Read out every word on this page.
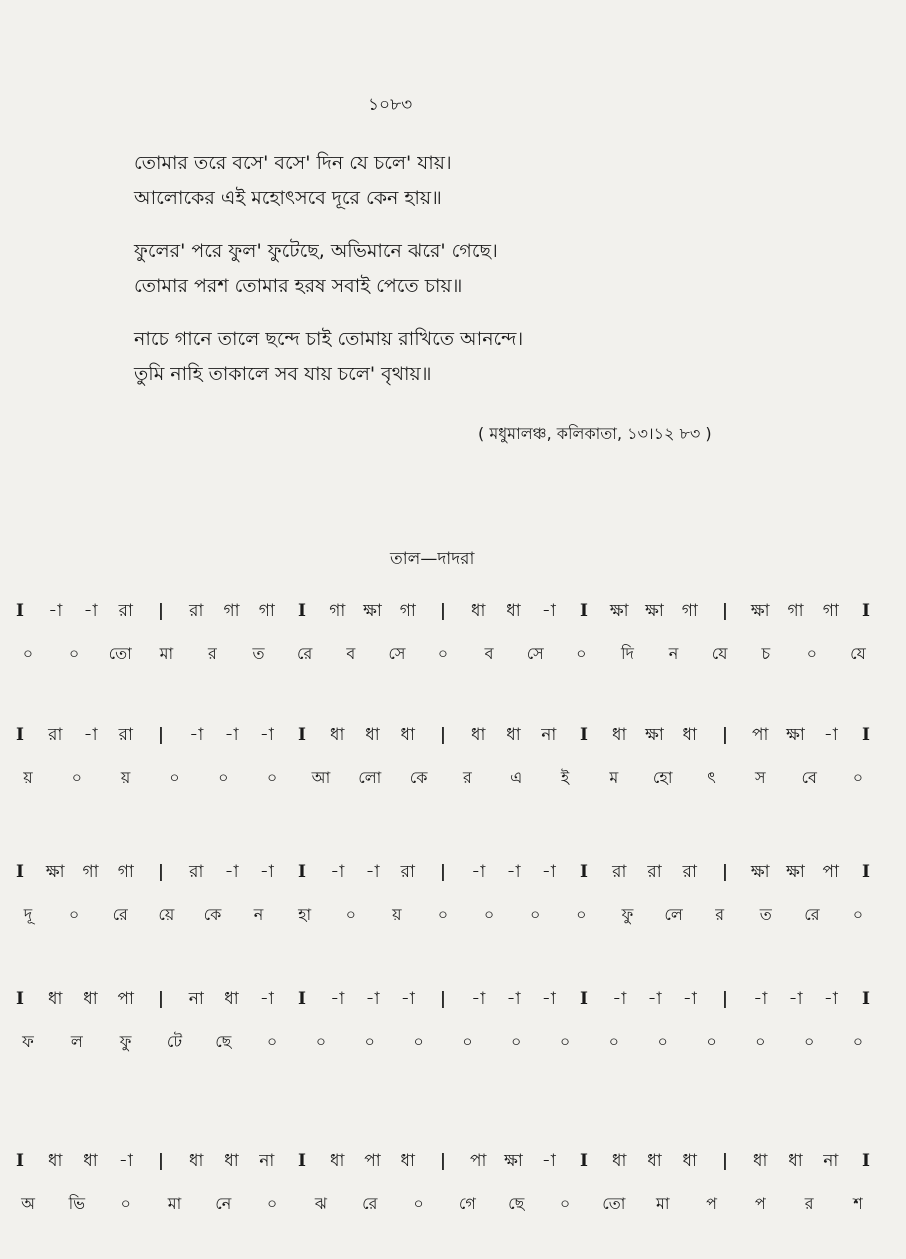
১০৮৩
তোমার তরে বসে' বসে' দিন যে চলে' যায়।
আলোকের এই মহোৎসবে দূরে কেন হায়॥
ফুলের' পরে ফুল' ফুটেছে, অভিমানে ঝরে' গেছে।
তোমার পরশ তোমার হরষ সবাই পেতে চায়॥
নাচে গানে তালে ছন্দে চাই তোমায় রাখিতে আনন্দে।
তুমি নাহি তাকালে সব যায় চলে' বৃথায়॥
( মধুমালঞ্চ, কলিকাতা, ১৩।১২ ৮৩ )
তাল—দাদরা
I -া -া রা | রা গা গা I গা ক্ষা গা | ধা ধা -া I ক্ষা ক্ষা গা | ক্ষা গা গা I
০ ০ তো মা র ত রে ব সে ০ ব সে ০ দি ন যে চ ০ যে
I রা -া রা | -া -া -া I ধা ধা ধা | ধা ধা না I ধা ক্ষা ধা | পা ক্ষা -া I
য় ০ য় ০ ০ ০ আ লো কে র এ ই	ম হো ৎ স বে ০
I ক্ষা গা গা | রা -া -া I -া -া রা | -া -া -া I রা রা রা | ক্ষা ক্ষা পা I
দূ ০ রে য়ে কে ন হা ০ য় ০ ০ ০ ০ ফু লে র ত রে ০
I ধা ধা পা | না ধা -া I -া -া -া | -া -া -া I -া -া -া | -া -া -া I
ফ ল ফু টে ছে ০ ০ ০ ০ ০ ০ ০ ০ ০ ০ ০ ০ ০
I ধা ধা -া | ধা ধা না I ধা পা ধা | পা ক্ষা -া I ধা ধা ধা | ধা ধা না I
অ ভি ০ মা নে ০ ঝ রে ০ গে ছে ০ তো মা প প র শ
